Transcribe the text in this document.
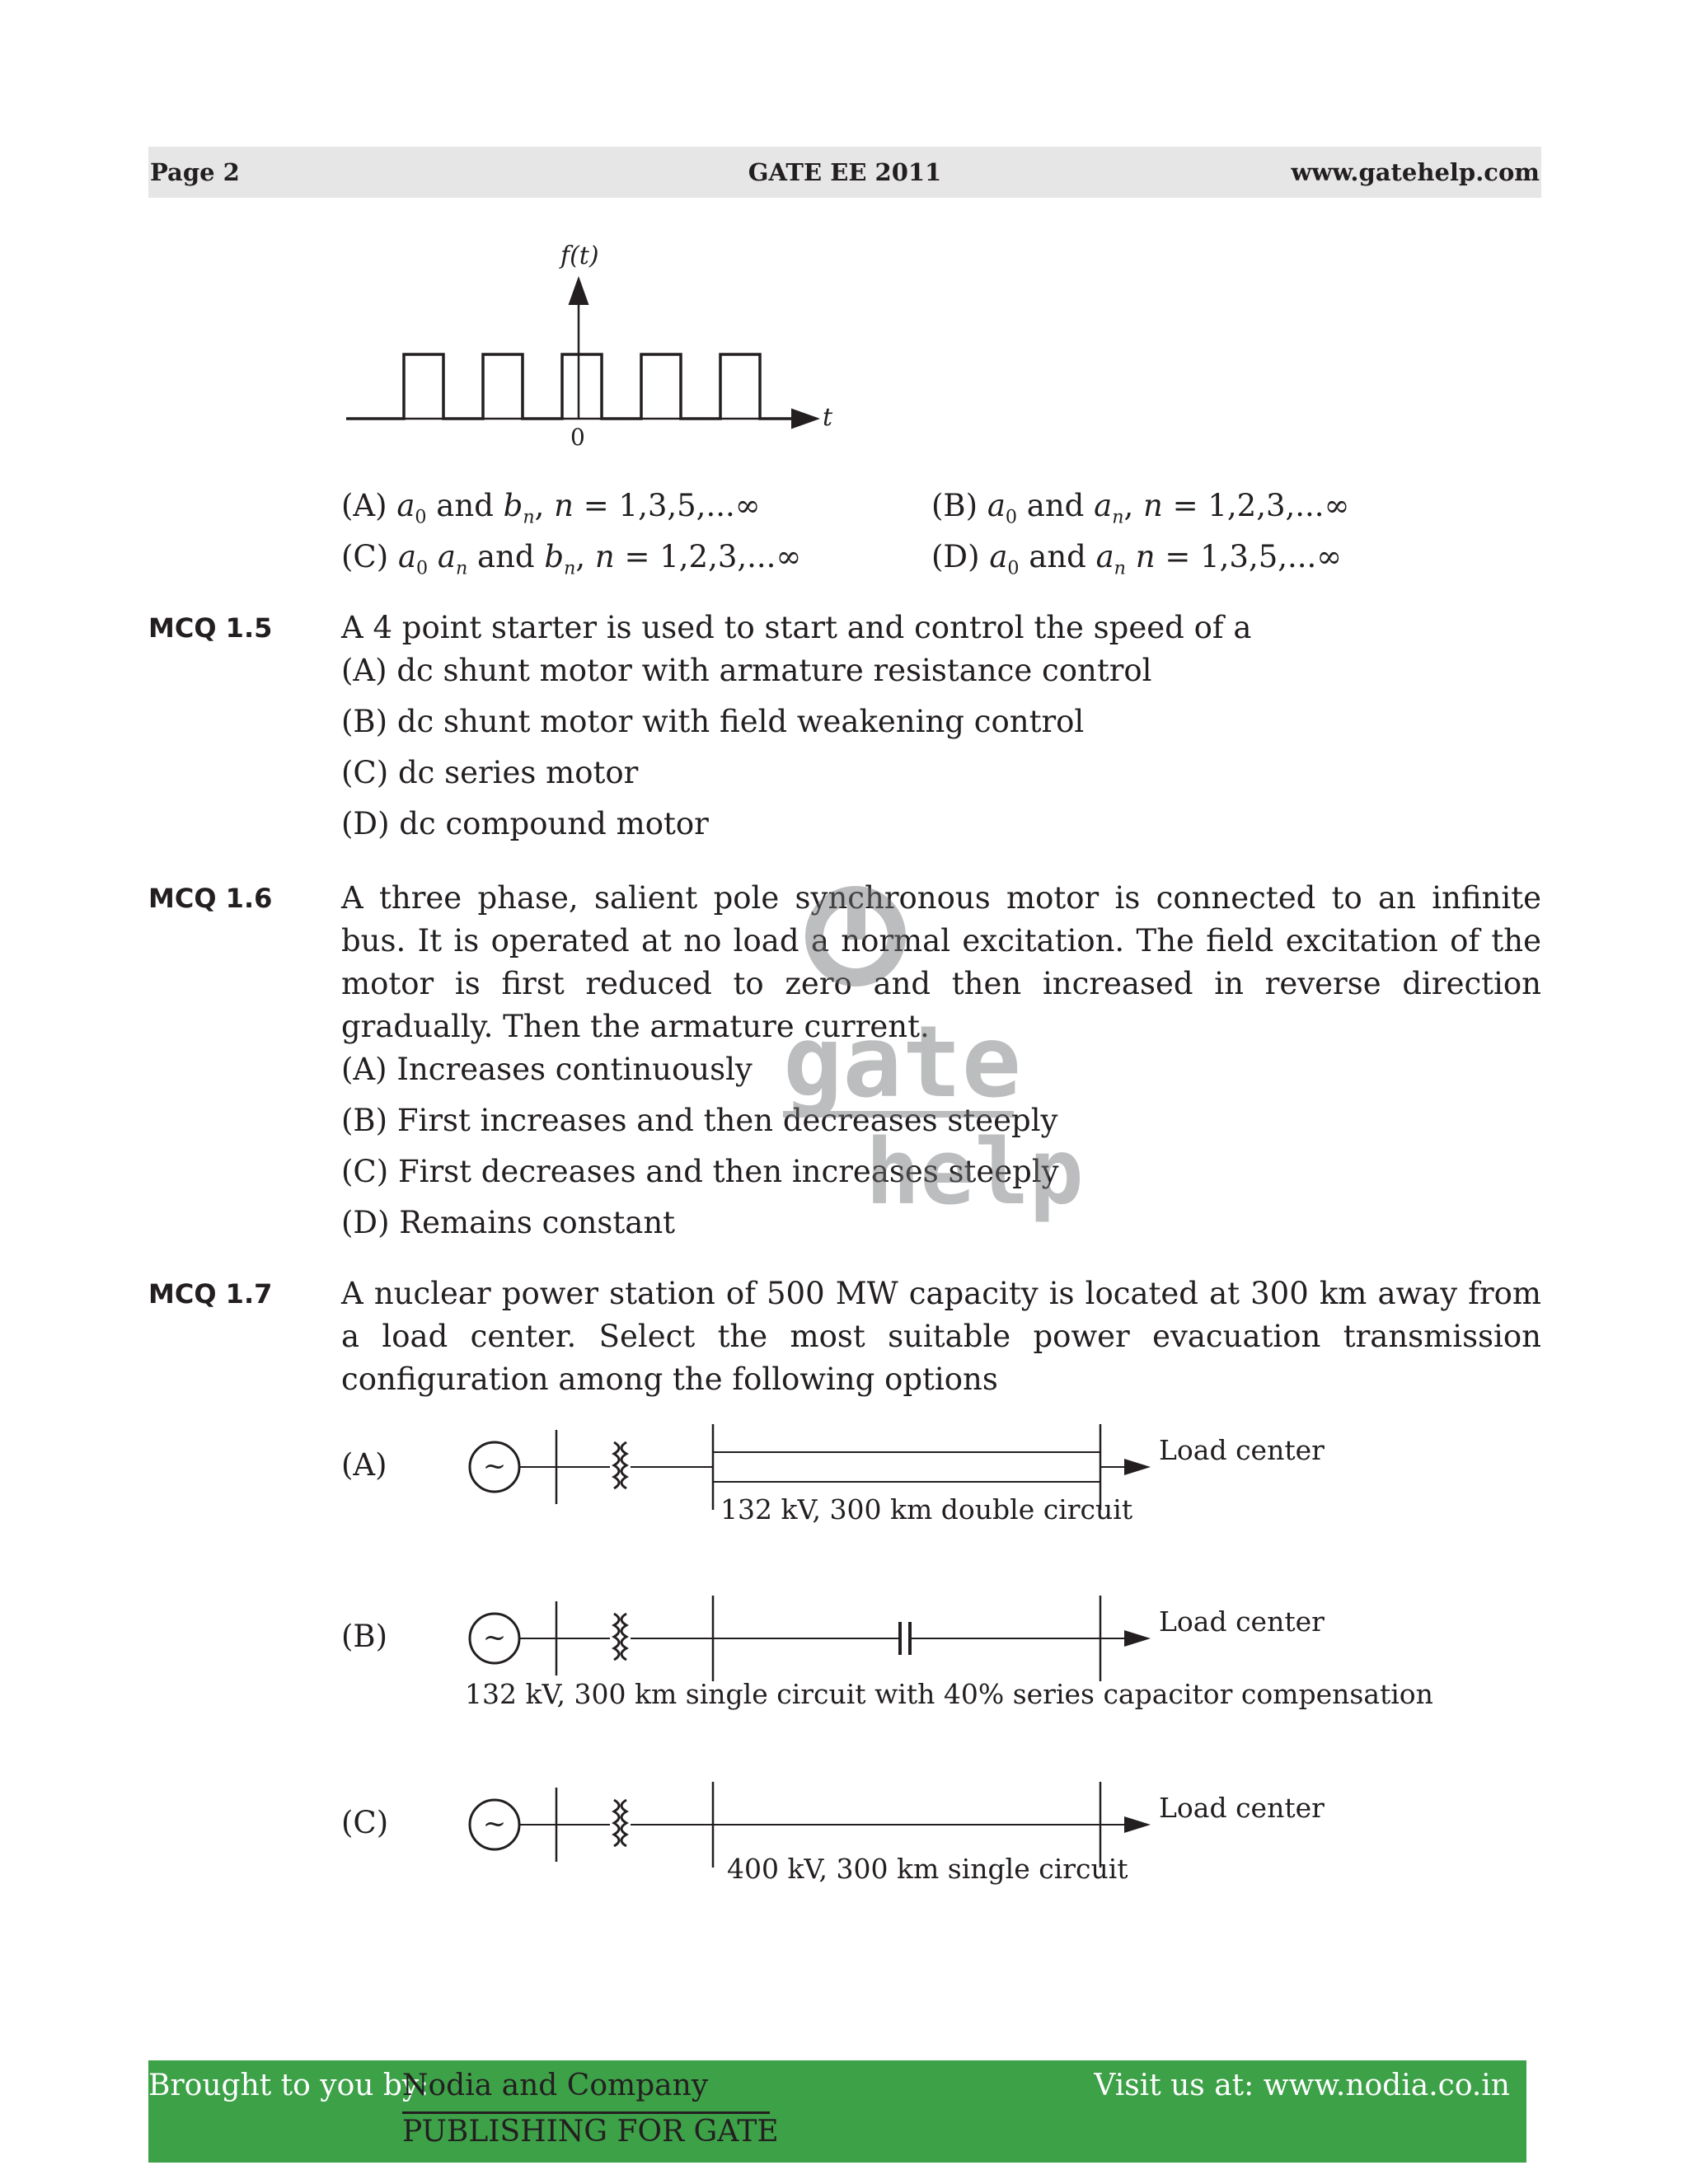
Page 2	GATE EE 2011	www.gatehelp.com
f(t)
t
0
(A) $a_0$ and $b_n$, n = 1,3,5,...∞	(B) $a_0$ and $a_n$, n = 1,2,3,...∞
(C) $a_0$ $a_n$ and $b_n$, n = 1,2,3,...∞	(D) $a_0$ and $a_n$ n = 1,3,5,...∞
MCQ 1.5 A 4 point starter is used to start and control the speed of a
(A) dc shunt motor with armature resistance control
(B) dc shunt motor with field weakening control
(C) dc series motor
(D) dc compound motor
MCQ 1.6 A three phase, salient pole synchronous motor is connected to an infinite bus. It is operated at no load a normal excitation. The field excitation of the motor is first reduced to zero and then increased in reverse direction gradually. Then the armature current.
(A) Increases continuously
(B) First increases and then decreases steeply
(C) First decreases and then increases steeply
(D) Remains constant
gate
help
MCQ 1.7 A nuclear power station of 500 MW capacity is located at 300 km away from a load center. Select the most suitable power evacuation transmission configuration among the following options
(A)	~	Load center
132 kV, 300 km double circuit
(B)	~	Load center
132 kV, 300 km single circuit with 40% series capacitor compensation
(C)	~	Load center
400 kV, 300 km single circuit
Brought to you by:
Nodia and Company
PUBLISHING FOR GATE
Visit us at: www.nodia.co.in
